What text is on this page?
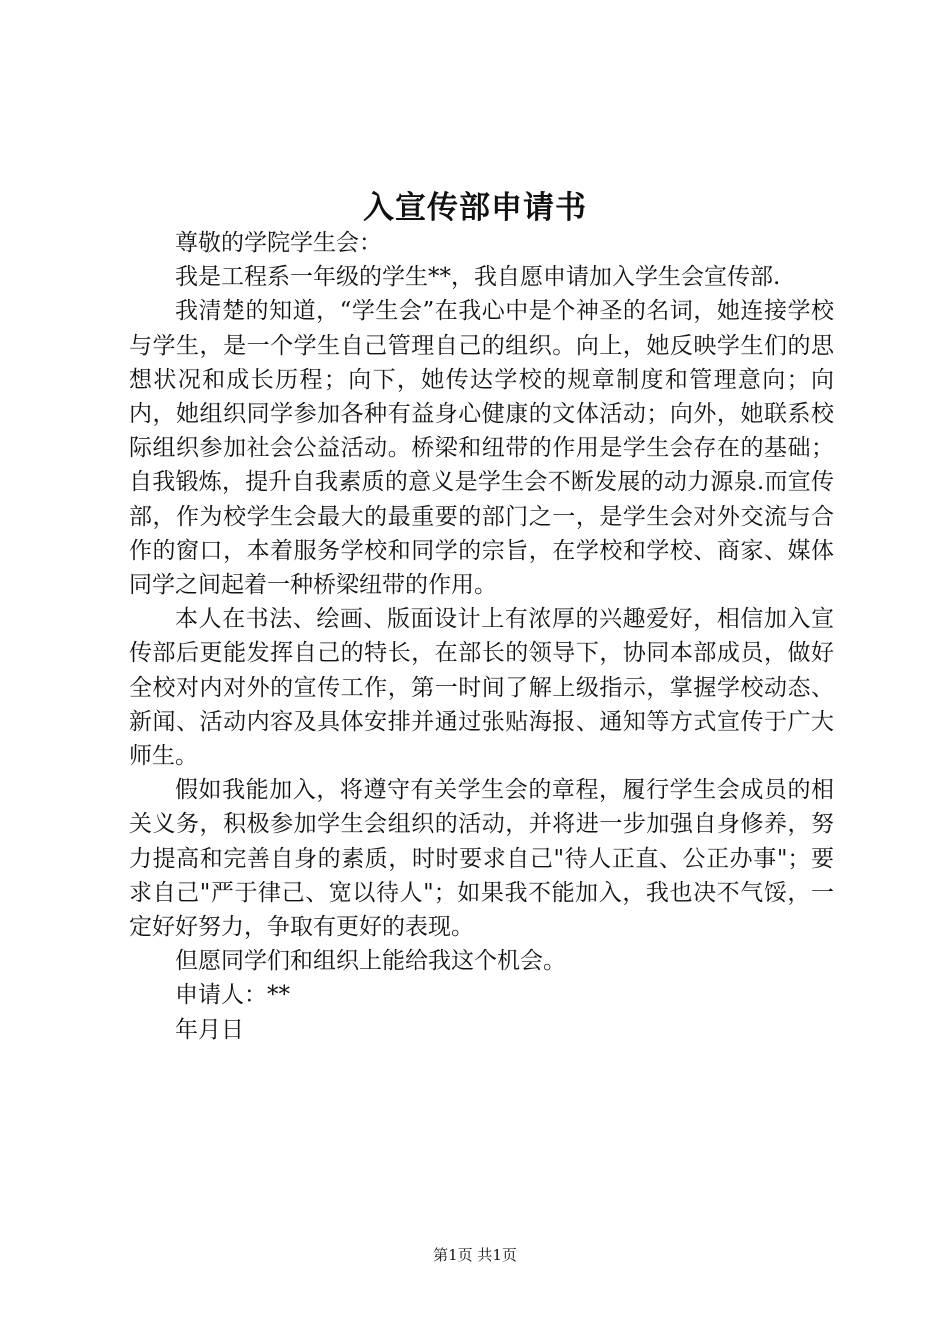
入宣传部申请书

尊敬的学院学生会：

我是工程系一年级的学生**，我自愿申请加入学生会宣传部.

我清楚的知道，“学生会”在我心中是个神圣的名词，她连接学校与学生，是一个学生自己管理自己的组织。向上，她反映学生们的思想状况和成长历程；向下，她传达学校的规章制度和管理意向；向内，她组织同学参加各种有益身心健康的文体活动；向外，她联系校际组织参加社会公益活动。桥梁和纽带的作用是学生会存在的基础；自我锻炼，提升自我素质的意义是学生会不断发展的动力源泉.而宣传部，作为校学生会最大的最重要的部门之一，是学生会对外交流与合作的窗口，本着服务学校和同学的宗旨，在学校和学校、商家、媒体同学之间起着一种桥梁纽带的作用。

本人在书法、绘画、版面设计上有浓厚的兴趣爱好，相信加入宣传部后更能发挥自己的特长，在部长的领导下，协同本部成员，做好全校对内对外的宣传工作，第一时间了解上级指示，掌握学校动态、新闻、活动内容及具体安排并通过张贴海报、通知等方式宣传于广大师生。

假如我能加入，将遵守有关学生会的章程，履行学生会成员的相关义务，积极参加学生会组织的活动，并将进一步加强自身修养，努力提高和完善自身的素质，时时要求自己"待人正直、公正办事"；要求自己"严于律己、宽以待人"；如果我不能加入，我也决不气馁，一定好好努力，争取有更好的表现。

但愿同学们和组织上能给我这个机会。

申请人：**

年月日

第1页 共1页
